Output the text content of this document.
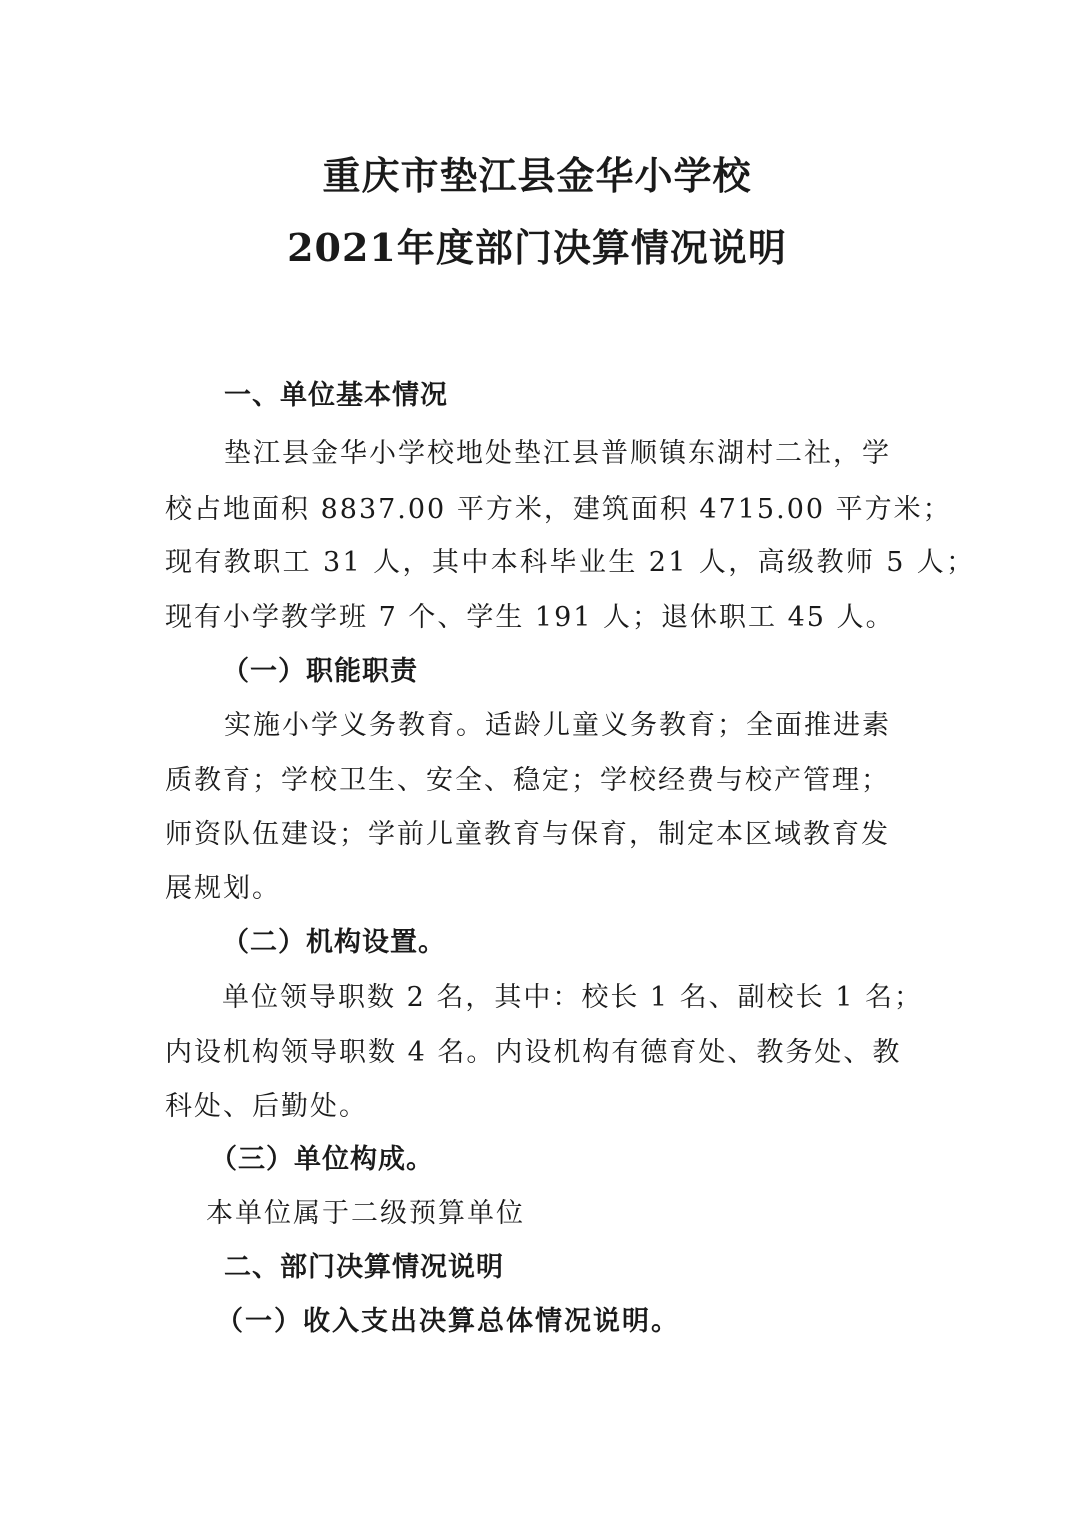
重庆市垫江县金华小学校
2021年度部门决算情况说明
一、单位基本情况
垫江县金华小学校地处垫江县普顺镇东湖村二社，学
校占地面积 8837.00 平方米，建筑面积 4715.00 平方米；
现有教职工 31 人，其中本科毕业生 21 人，高级教师 5 人；
现有小学教学班 7 个、学生 191 人；退休职工 45 人。
（一）职能职责
实施小学义务教育。适龄儿童义务教育；全面推进素
质教育；学校卫生、安全、稳定；学校经费与校产管理；
师资队伍建设；学前儿童教育与保育，制定本区域教育发
展规划。
（二）机构设置。
单位领导职数 2 名，其中：校长 1 名、副校长 1 名；
内设机构领导职数 4 名。内设机构有德育处、教务处、教
科处、后勤处。
（三）单位构成。
本单位属于二级预算单位
二、部门决算情况说明
（一）收入支出决算总体情况说明。
